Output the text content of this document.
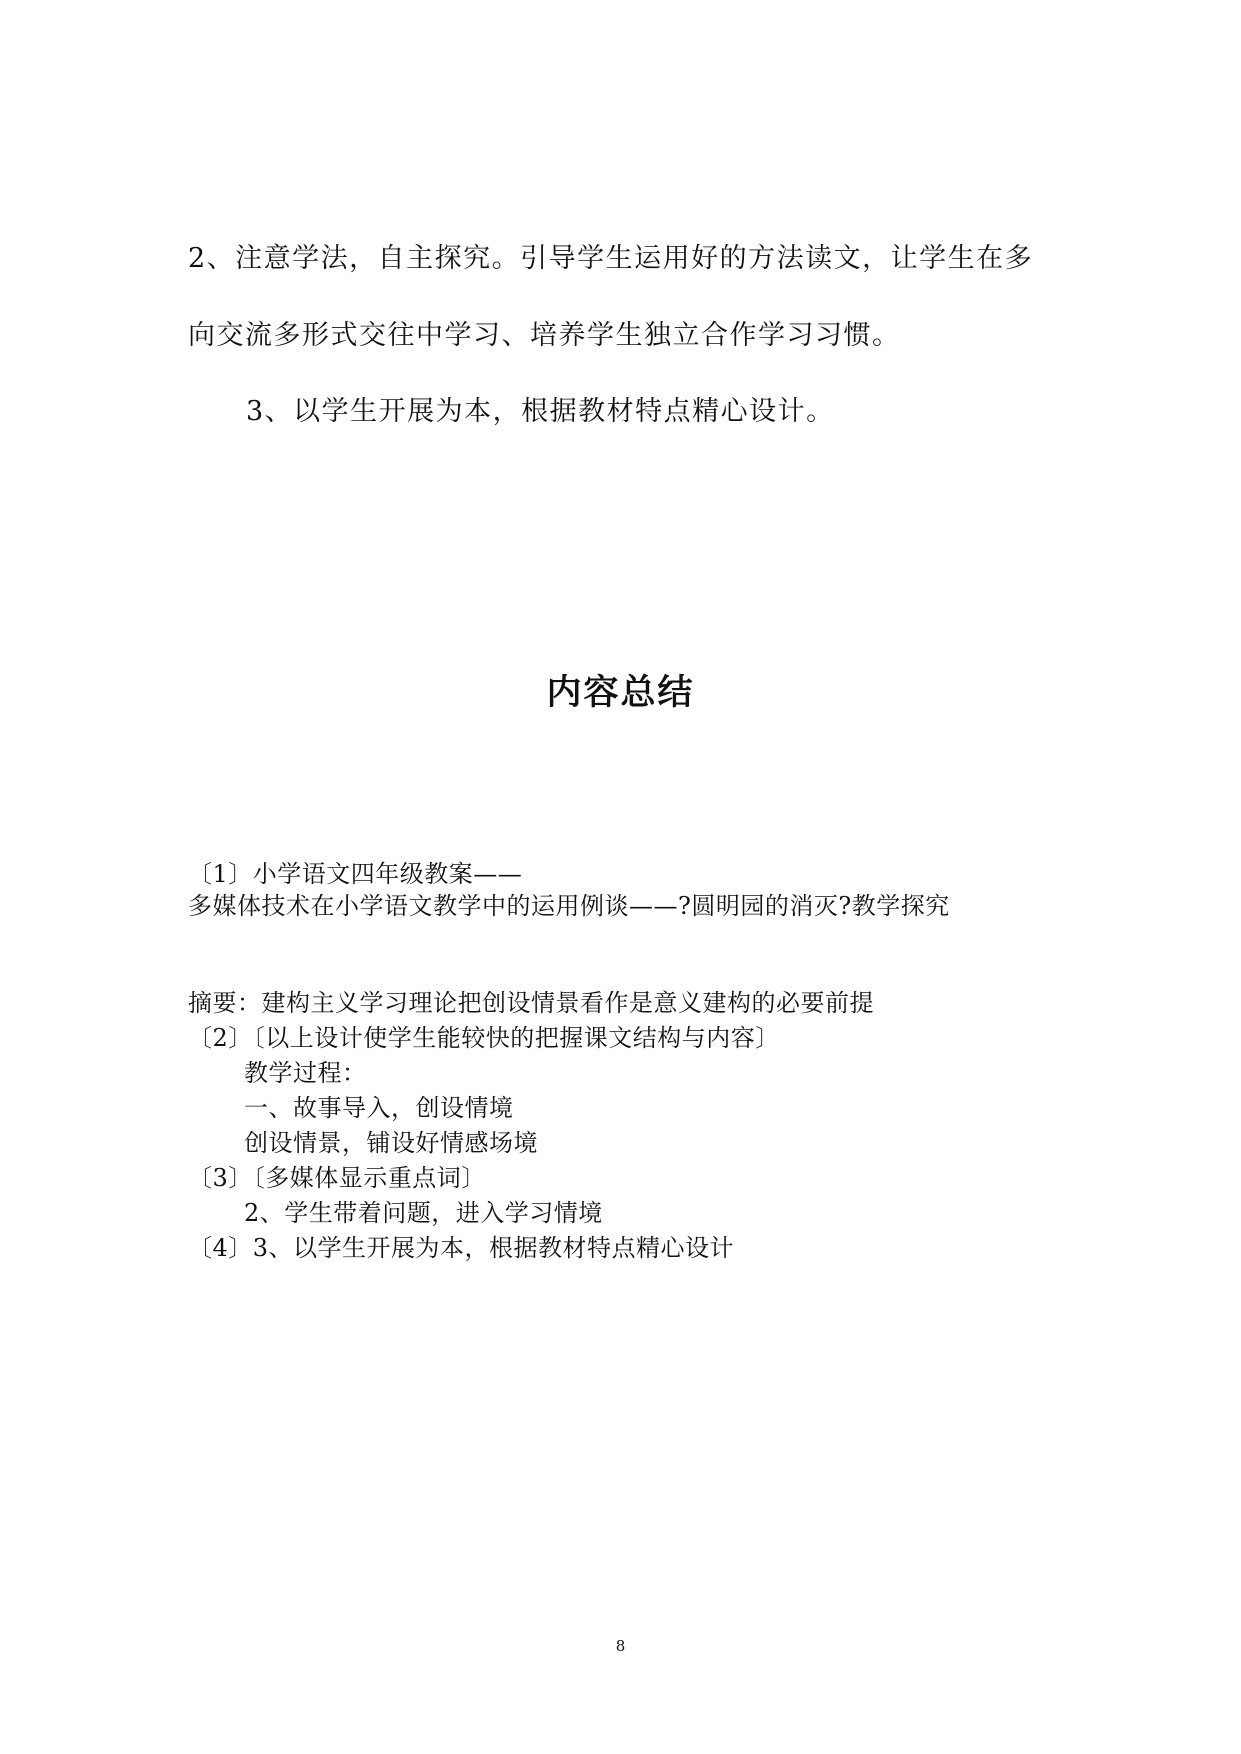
2、注意学法，自主探究。引导学生运用好的方法读文，让学生在多

向交流多形式交往中学习、培养学生独立合作学习习惯。

3、以学生开展为本，根据教材特点精心设计。

内容总结

〔1〕小学语文四年级教案——

多媒体技术在小学语文教学中的运用例谈——?圆明园的消灭?教学探究

摘要：建构主义学习理论把创设情景看作是意义建构的必要前提

〔2〕〔以上设计使学生能较快的把握课文结构与内容〕

教学过程：

一、故事导入，创设情境

创设情景，铺设好情感场境

〔3〕〔多媒体显示重点词〕

2、学生带着问题，进入学习情境

〔4〕3、以学生开展为本，根据教材特点精心设计

8
